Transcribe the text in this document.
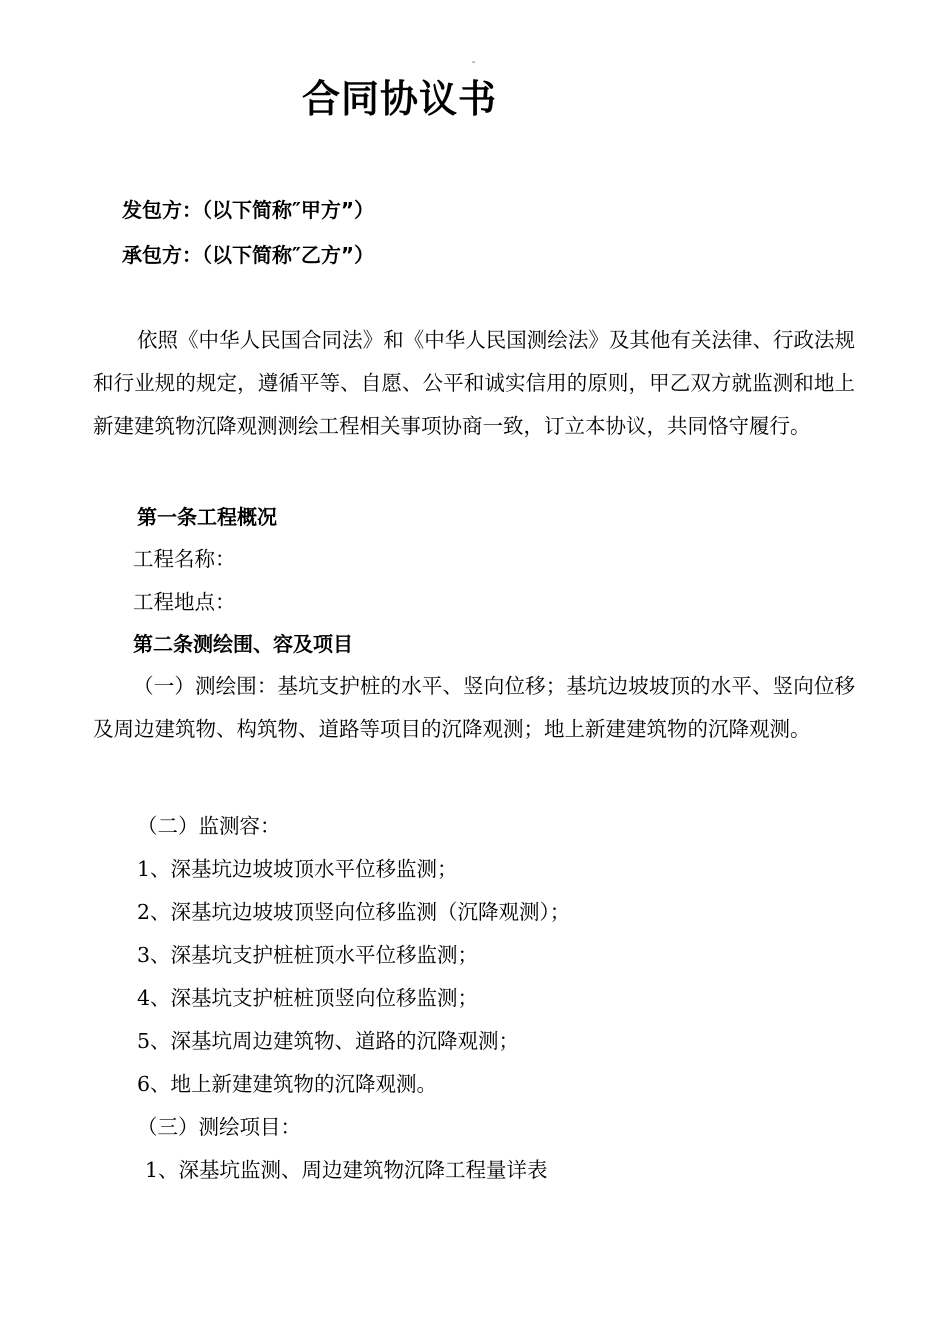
-
合同协议书
发包方：（以下简称″甲方”）
承包方：（以下简称″乙方”）
依照《中华人民国合同法》和《中华人民国测绘法》及其他有关法律、行政法规和行业规的规定，遵循平等、自愿、公平和诚实信用的原则，甲乙双方就监测和地上新建建筑物沉降观测测绘工程相关事项协商一致，订立本协议，共同恪守履行。
第一条工程概况
工程名称：
工程地点：
第二条测绘围、容及项目
（一）测绘围：基坑支护桩的水平、竖向位移；基坑边坡坡顶的水平、竖向位移及周边建筑物、构筑物、道路等项目的沉降观测；地上新建建筑物的沉降观测。
（二）监测容：
1、深基坑边坡坡顶水平位移监测；
2、深基坑边坡坡顶竖向位移监测（沉降观测）；
3、深基坑支护桩桩顶水平位移监测；
4、深基坑支护桩桩顶竖向位移监测；
5、深基坑周边建筑物、道路的沉降观测；
6、地上新建建筑物的沉降观测。
（三）测绘项目：
1、深基坑监测、周边建筑物沉降工程量详表
